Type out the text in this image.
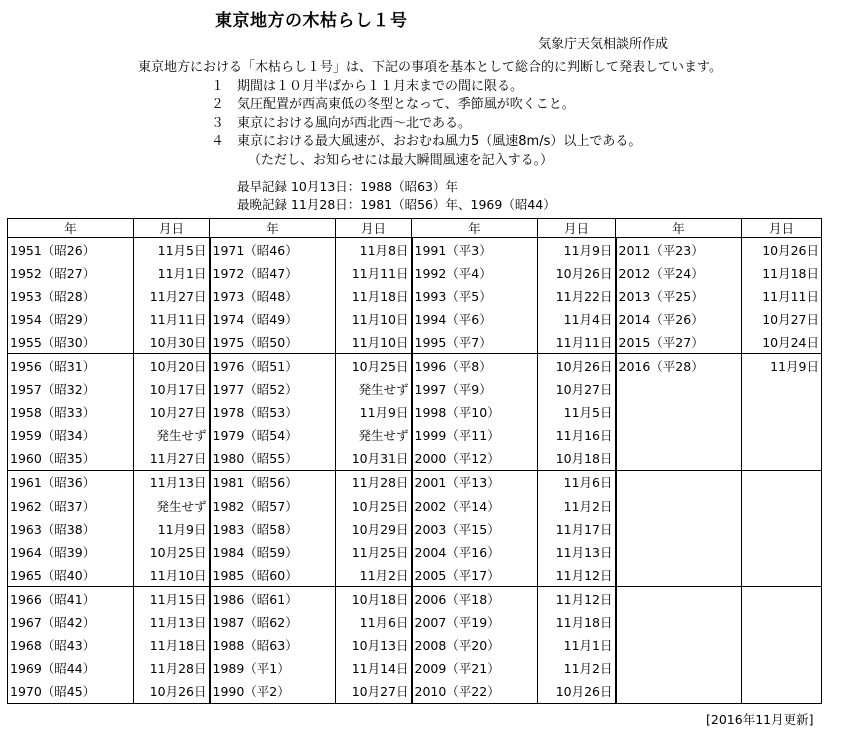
東京地方の木枯らし１号
気象庁天気相談所作成
東京地方における「木枯らし１号」は、下記の事項を基本として総合的に判断して発表しています。
１　期間は１０月半ばから１１月末までの間に限る。
２　気圧配置が西高東低の冬型となって、季節風が吹くこと。
３　東京における風向が西北西～北である。
４　東京における最大風速が、おおむね風力5（風速8m/s）以上である。
（ただし、お知らせには最大瞬間風速を記入する。）
最早記録 10月13日：1988（昭63）年
最晩記録 11月28日：1981（昭56）年、1969（昭44）
年	月日	年	月日	年	月日	年	月日
1951（昭26）	11月5日	1971（昭46）	11月8日	1991（平3）	11月9日	2011（平23）	10月26日
1952（昭27）	11月1日	1972（昭47）	11月11日	1992（平4）	10月26日	2012（平24）	11月18日
1953（昭28）	11月27日	1973（昭48）	11月18日	1993（平5）	11月22日	2013（平25）	11月11日
1954（昭29）	11月11日	1974（昭49）	11月10日	1994（平6）	11月4日	2014（平26）	10月27日
1955（昭30）	10月30日	1975（昭50）	11月10日	1995（平7）	11月11日	2015（平27）	10月24日
1956（昭31）	10月20日	1976（昭51）	10月25日	1996（平8）	10月26日	2016（平28）	11月9日
1957（昭32）	10月17日	1977（昭52）	発生せず	1997（平9）	10月27日		
1958（昭33）	10月27日	1978（昭53）	11月9日	1998（平10）	11月5日		
1959（昭34）	発生せず	1979（昭54）	発生せず	1999（平11）	11月16日		
1960（昭35）	11月27日	1980（昭55）	10月31日	2000（平12）	10月18日		
1961（昭36）	11月13日	1981（昭56）	11月28日	2001（平13）	11月6日		
1962（昭37）	発生せず	1982（昭57）	10月25日	2002（平14）	11月2日		
1963（昭38）	11月9日	1983（昭58）	10月29日	2003（平15）	11月17日		
1964（昭39）	10月25日	1984（昭59）	11月25日	2004（平16）	11月13日		
1965（昭40）	11月10日	1985（昭60）	11月2日	2005（平17）	11月12日		
1966（昭41）	11月15日	1986（昭61）	10月18日	2006（平18）	11月12日		
1967（昭42）	11月13日	1987（昭62）	11月6日	2007（平19）	11月18日		
1968（昭43）	11月18日	1988（昭63）	10月13日	2008（平20）	11月1日		
1969（昭44）	11月28日	1989（平1）	11月14日	2009（平21）	11月2日		
1970（昭45）	10月26日	1990（平2）	10月27日	2010（平22）	10月26日		
[2016年11月更新]
